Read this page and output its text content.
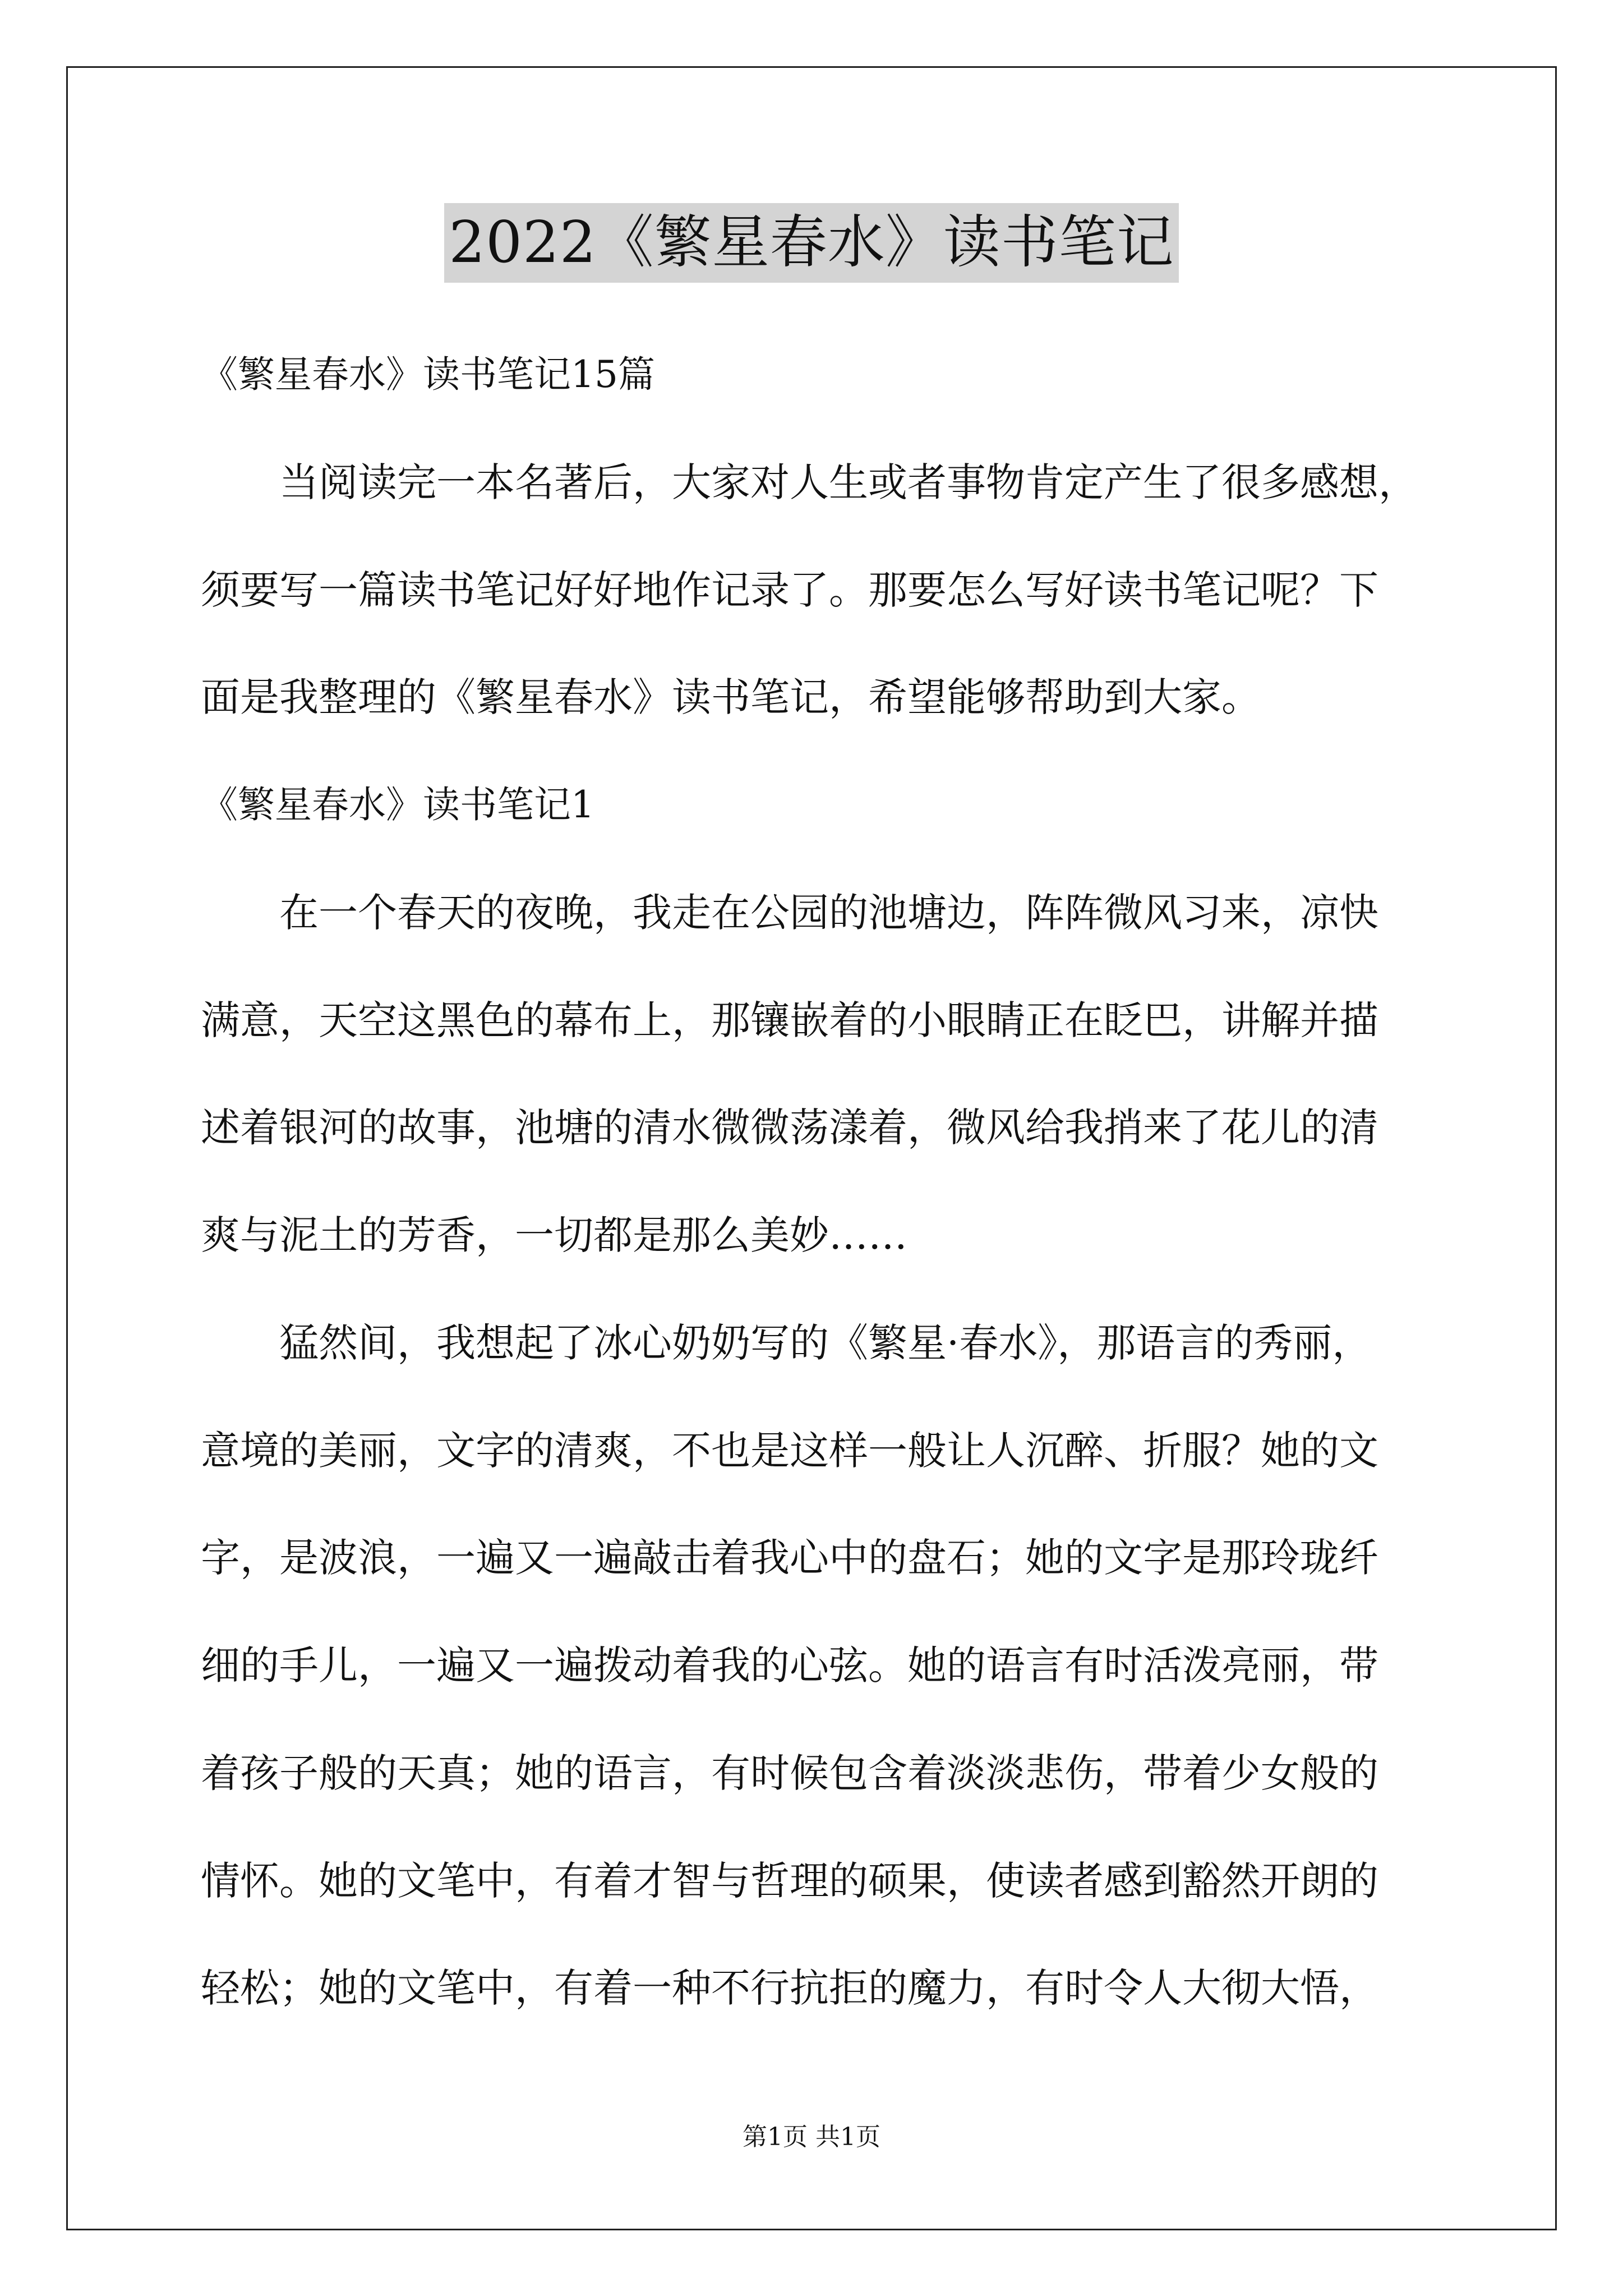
2022《繁星春水》读书笔记
《繁星春水》读书笔记15篇
当阅读完一本名著后，大家对人生或者事物肯定产生了很多感想，
须要写一篇读书笔记好好地作记录了。那要怎么写好读书笔记呢？下
面是我整理的《繁星春水》读书笔记，希望能够帮助到大家。
《繁星春水》读书笔记1
在一个春天的夜晚，我走在公园的池塘边，阵阵微风习来，凉快
满意，天空这黑色的幕布上，那镶嵌着的小眼睛正在眨巴，讲解并描
述着银河的故事，池塘的清水微微荡漾着，微风给我捎来了花儿的清
爽与泥土的芳香，一切都是那么美妙……
猛然间，我想起了冰心奶奶写的《繁星·春水》，那语言的秀丽，
意境的美丽，文字的清爽，不也是这样一般让人沉醉、折服？她的文
字，是波浪，一遍又一遍敲击着我心中的盘石；她的文字是那玲珑纤
细的手儿，一遍又一遍拨动着我的心弦。她的语言有时活泼亮丽，带
着孩子般的天真；她的语言，有时候包含着淡淡悲伤，带着少女般的
情怀。她的文笔中，有着才智与哲理的硕果，使读者感到豁然开朗的
轻松；她的文笔中，有着一种不行抗拒的魔力，有时令人大彻大悟，
第1页 共1页
